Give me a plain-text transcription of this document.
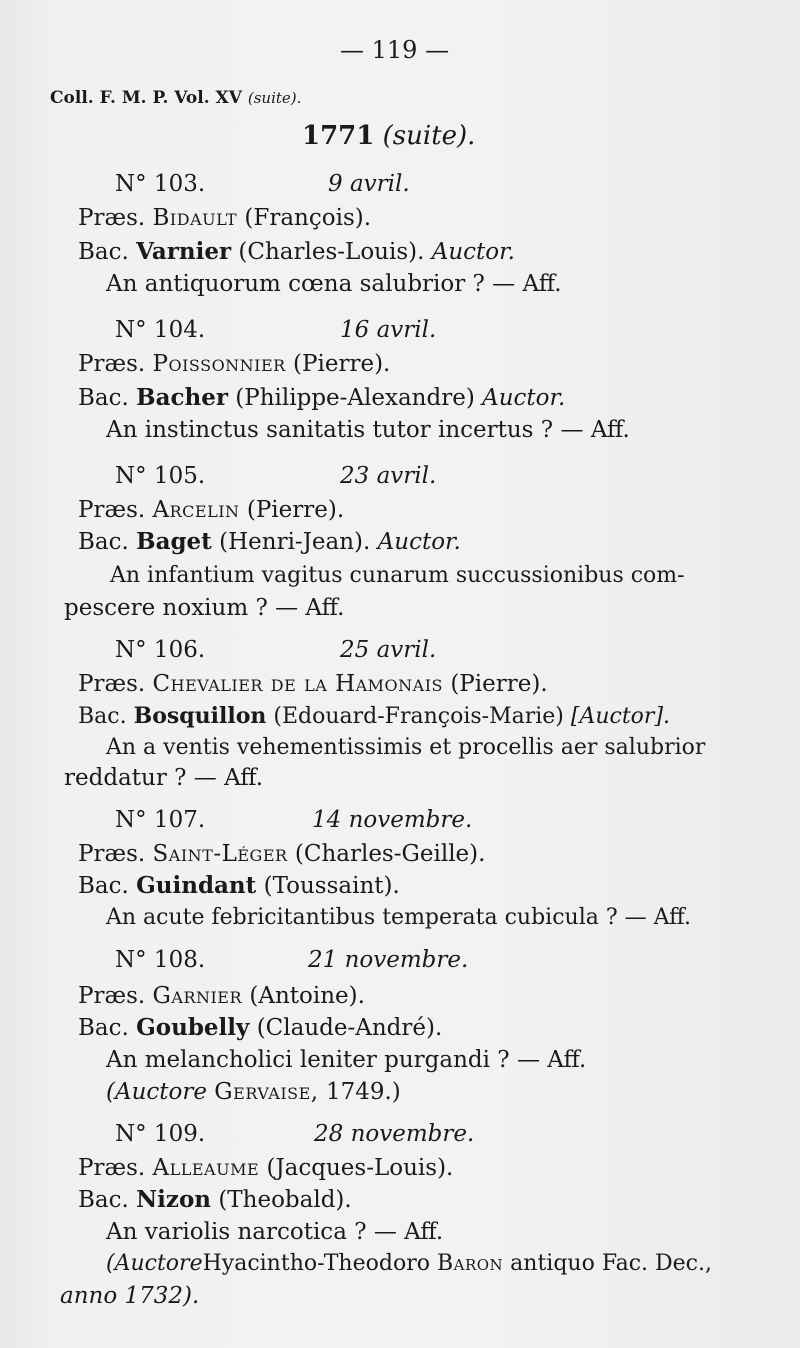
— 119 —
Coll. F. M. P. Vol. XV (suite).
1771 (suite).
N° 103.	9 avril.
Præs. Bidault (François).
Bac. Varnier (Charles-Louis). Auctor.
An antiquorum cœna salubrior ? — Aff.
N° 104.	16 avril.
Præs. Poissonnier (Pierre).
Bac. Bacher (Philippe-Alexandre) Auctor.
An instinctus sanitatis tutor incertus ? — Aff.
N° 105.	23 avril.
Præs. Arcelin (Pierre).
Bac. Baget (Henri-Jean). Auctor.
An infantium vagitus cunarum succussionibus com-
pescere noxium ? — Aff.
N° 106.	25 avril.
Præs. Chevalier de la Hamonais (Pierre).
Bac. Bosquillon (Edouard-François-Marie) [Auctor].
An a ventis vehementissimis et procellis aer salubrior
reddatur ? — Aff.
N° 107.	14 novembre.
Præs. Saint-Léger (Charles-Geille).
Bac. Guindant (Toussaint).
An acute febricitantibus temperata cubicula ? — Aff.
N° 108.	21 novembre.
Præs. Garnier (Antoine).
Bac. Goubelly (Claude-André).
An melancholici leniter purgandi ? — Aff.
(Auctore Gervaise, 1749.)
N° 109.	28 novembre.
Præs. Alleaume (Jacques-Louis).
Bac. Nizon (Theobald).
An variolis narcotica ? — Aff.
(AuctoreHyacintho-Theodoro Baron antiquo Fac. Dec.,
anno 1732).
